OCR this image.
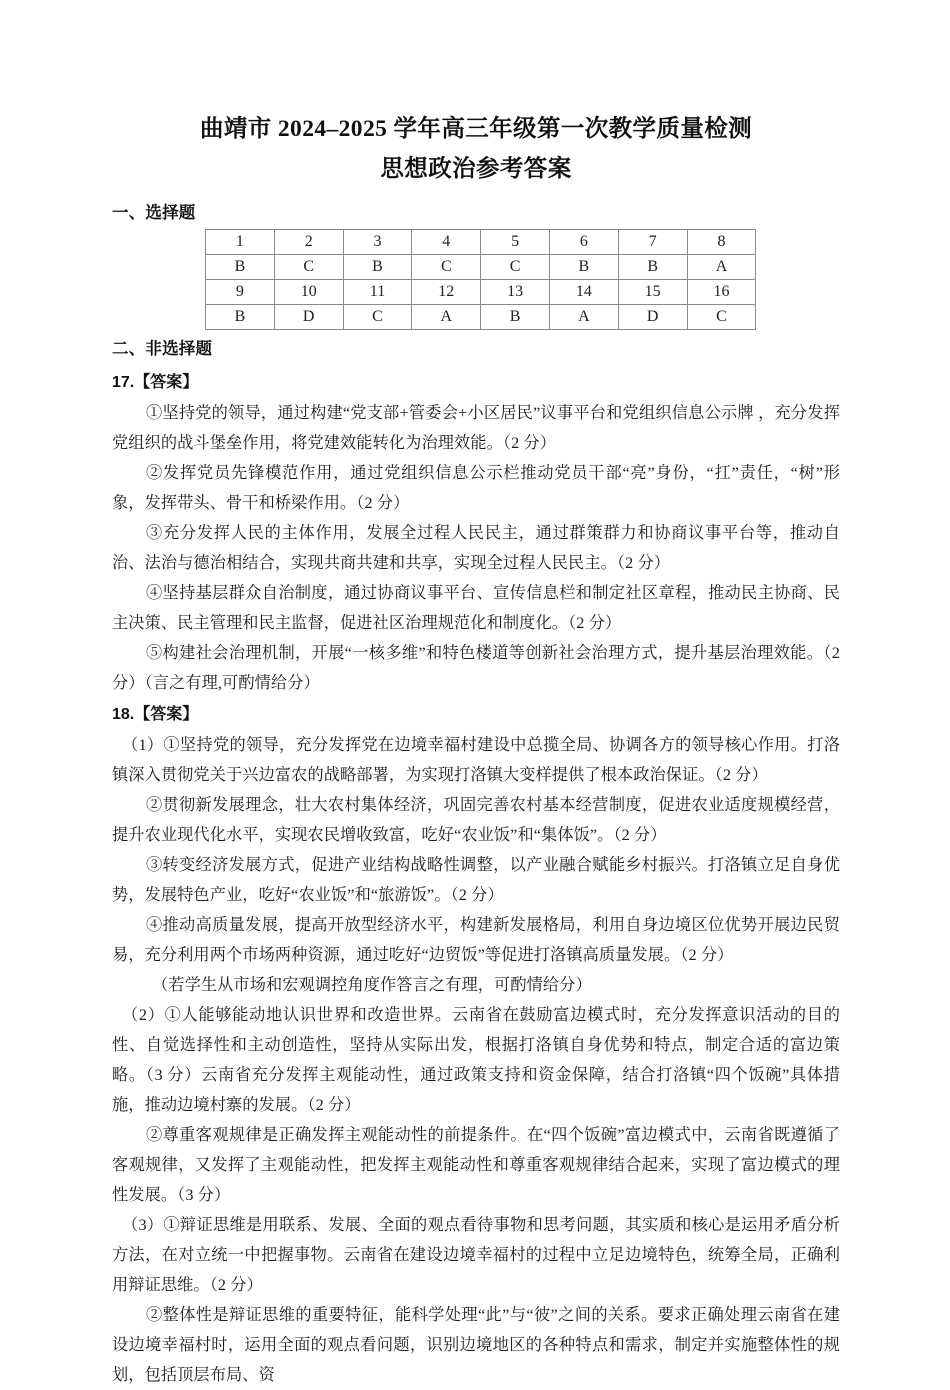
曲靖市 2024–2025 学年高三年级第一次教学质量检测
思想政治参考答案
一、选择题
1	2	3	4	5	6	7	8
B	C	B	C	C	B	B	A
9	10	11	12	13	14	15	16
B	D	C	A	B	A	D	C
二、非选择题
17.【答案】

①坚持党的领导，通过构建“党支部+管委会+小区居民”议事平台和党组织信息公示牌 ，充分发挥党组织的战斗堡垒作用，将党建效能转化为治理效能。（2 分）

②发挥党员先锋模范作用，通过党组织信息公示栏推动党员干部“亮”身份，“扛”责任，“树”形象，发挥带头、骨干和桥梁作用。（2 分）

③充分发挥人民的主体作用，发展全过程人民民主，通过群策群力和协商议事平台等，推动自治、法治与德治相结合，实现共商共建和共享，实现全过程人民民主。（2 分）

④坚持基层群众自治制度，通过协商议事平台、宣传信息栏和制定社区章程，推动民主协商、民主决策、民主管理和民主监督，促进社区治理规范化和制度化。（2 分）

⑤构建社会治理机制，开展“一核多维”和特色楼道等创新社会治理方式，提升基层治理效能。（2 分）（言之有理,可酌情给分）

18.【答案】

（1）①坚持党的领导，充分发挥党在边境幸福村建设中总揽全局、协调各方的领导核心作用。打洛镇深入贯彻党关于兴边富农的战略部署，为实现打洛镇大变样提供了根本政治保证。（2 分）

②贯彻新发展理念，壮大农村集体经济，巩固完善农村基本经营制度，促进农业适度规模经营，提升农业现代化水平，实现农民增收致富，吃好“农业饭”和“集体饭”。（2 分）

③转变经济发展方式，促进产业结构战略性调整，以产业融合赋能乡村振兴。打洛镇立足自身优势，发展特色产业，吃好“农业饭”和“旅游饭”。（2 分）

④推动高质量发展，提高开放型经济水平，构建新发展格局，利用自身边境区位优势开展边民贸易，充分利用两个市场两种资源，通过吃好“边贸饭”等促进打洛镇高质量发展。（2 分）

（若学生从市场和宏观调控角度作答言之有理，可酌情给分）

（2）①人能够能动地认识世界和改造世界。云南省在鼓励富边模式时，充分发挥意识活动的目的性、自觉选择性和主动创造性，坚持从实际出发，根据打洛镇自身优势和特点，制定合适的富边策略。（3 分）云南省充分发挥主观能动性，通过政策支持和资金保障，结合打洛镇“四个饭碗”具体措施，推动边境村寨的发展。（2 分）

②尊重客观规律是正确发挥主观能动性的前提条件。在“四个饭碗”富边模式中，云南省既遵循了客观规律，又发挥了主观能动性，把发挥主观能动性和尊重客观规律结合起来，实现了富边模式的理性发展。（3 分）

（3）①辩证思维是用联系、发展、全面的观点看待事物和思考问题，其实质和核心是运用矛盾分析方法，在对立统一中把握事物。云南省在建设边境幸福村的过程中立足边境特色，统筹全局，正确利用辩证思维。（2 分）

②整体性是辩证思维的重要特征，能科学处理“此”与“彼”之间的关系。要求正确处理云南省在建设边境幸福村时，运用全面的观点看问题，识别边境地区的各种特点和需求，制定并实施整体性的规划，包括顶层布局、资
